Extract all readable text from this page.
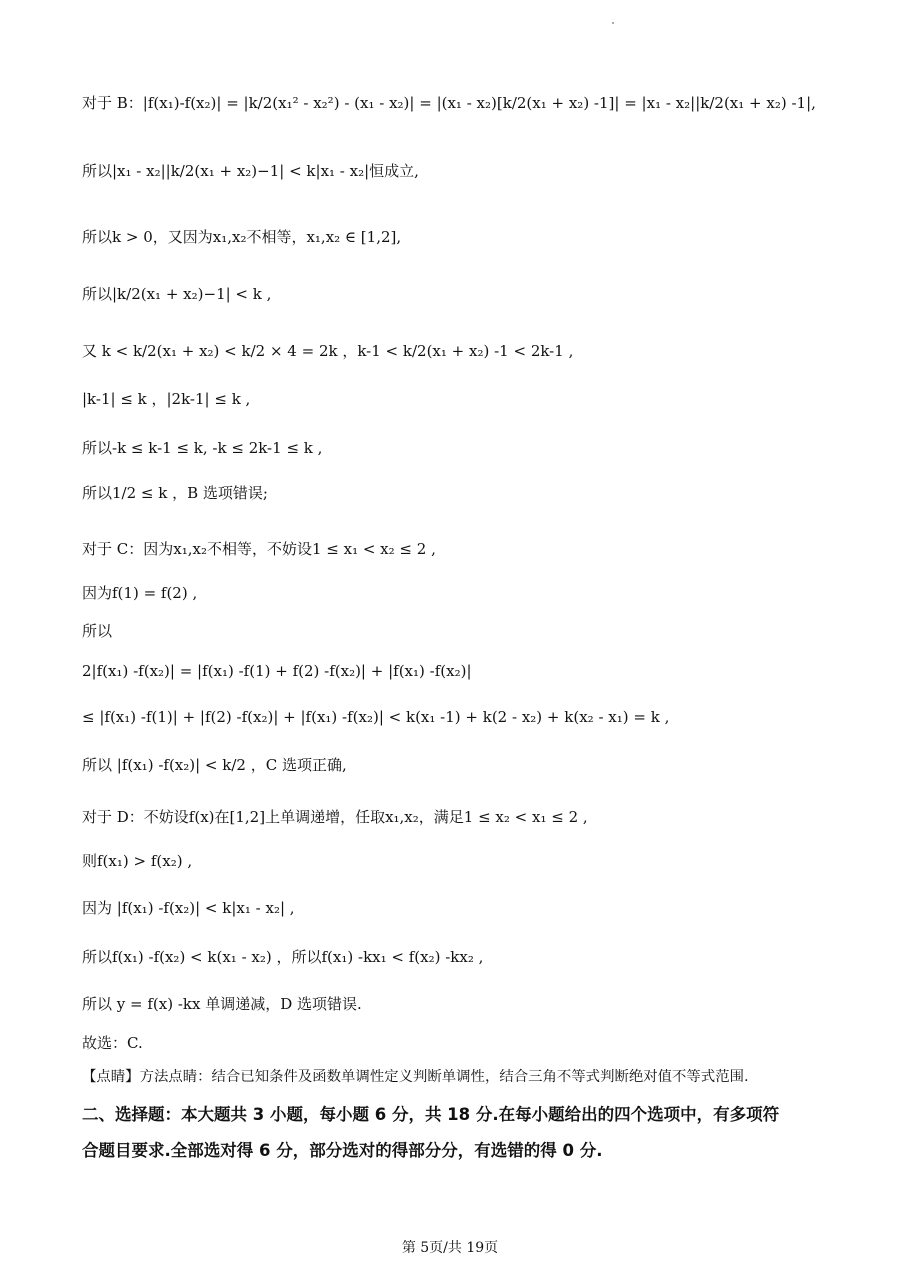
对于 B：|f(x₁)-f(x₂)| = |k/2(x₁² - x₂²) - (x₁ - x₂)| = |(x₁ - x₂)[k/2(x₁ + x₂) -1]| = |x₁ - x₂||k/2(x₁ + x₂) -1|,
所以|x₁ - x₂||k/2(x₁ + x₂)−1| < k|x₁ - x₂|恒成立,
所以k > 0，又因为x₁,x₂不相等，x₁,x₂ ∈ [1,2],
所以|k/2(x₁ + x₂)−1| < k ,
又 k < k/2(x₁ + x₂) < k/2 × 4 = 2k ，k-1 < k/2(x₁ + x₂) -1 < 2k-1 ,
|k-1| ≤ k ，|2k-1| ≤ k ,
所以-k ≤ k-1 ≤ k, -k ≤ 2k-1 ≤ k ,
所以1/2 ≤ k ，B 选项错误;
对于 C：因为x₁,x₂不相等，不妨设1 ≤ x₁ < x₂ ≤ 2 ,
因为f(1) = f(2) ,
所以
2|f(x₁) -f(x₂)| = |f(x₁) -f(1) + f(2) -f(x₂)| + |f(x₁) -f(x₂)|
≤ |f(x₁) -f(1)| + |f(2) -f(x₂)| + |f(x₁) -f(x₂)| < k(x₁ -1) + k(2 - x₂) + k(x₂ - x₁) = k ,
所以 |f(x₁) -f(x₂)| < k/2 ，C 选项正确,
对于 D：不妨设f(x)在[1,2]上单调递增，任取x₁,x₂，满足1 ≤ x₂ < x₁ ≤ 2 ,
则f(x₁) > f(x₂) ,
因为 |f(x₁) -f(x₂)| < k|x₁ - x₂| ,
所以f(x₁) -f(x₂) < k(x₁ - x₂) ，所以f(x₁) -kx₁ < f(x₂) -kx₂ ,
所以 y = f(x) -kx 单调递减，D 选项错误.
故选：C.
【点睛】方法点睛：结合已知条件及函数单调性定义判断单调性，结合三角不等式判断绝对值不等式范围.
二、选择题：本大题共 3 小题，每小题 6 分，共 18 分.在每小题给出的四个选项中，有多项符
合题目要求.全部选对得 6 分，部分选对的得部分分，有选错的得 0 分.
第 5页/共 19页
